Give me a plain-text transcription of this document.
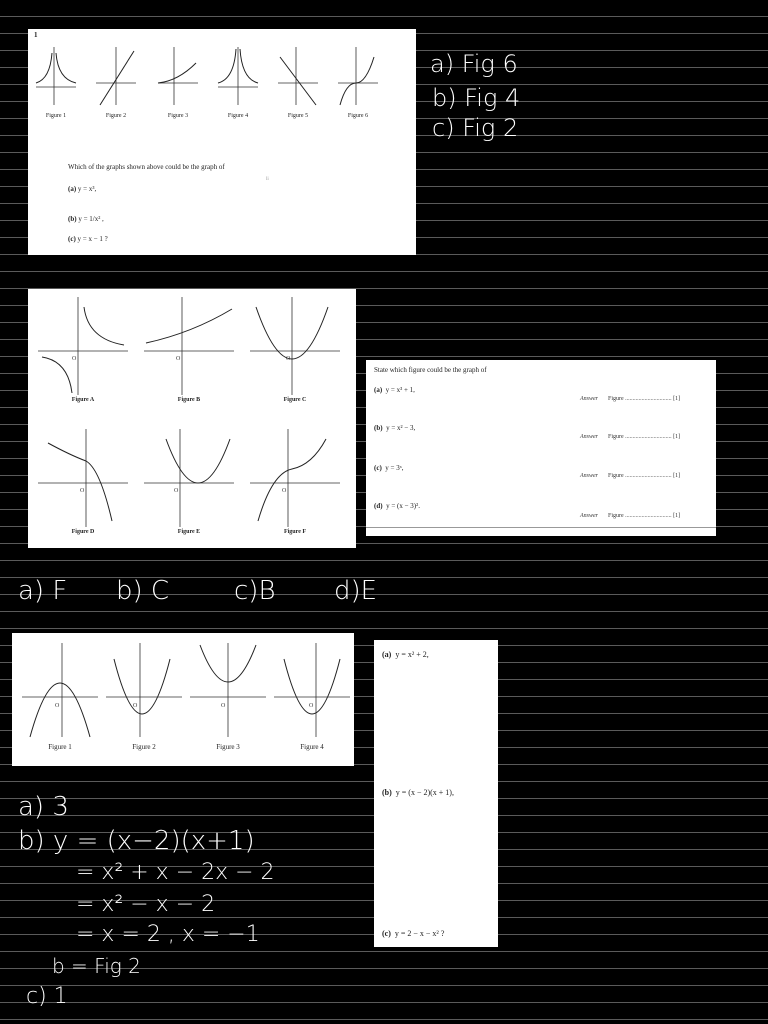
1
Figure 1	Figure 2	Figure 3	Figure 4	Figure 5	Figure 6
Which of the graphs shown above could be the graph of
li
(a) y = x³,
(b) y = 1/x² ,
(c) y = x − 1 ?
a) Fig 6
b) Fig 4
c) Fig 2
O
Figure A
O
Figure B
O
Figure C
O
Figure D
O
Figure E
O
Figure F
State which figure could be the graph of
(a) y = x³ + 1,
Answer Figure ............................... [1]
(b) y = x² − 3,
Answer Figure ............................... [1]
(c) y = 3ˣ,
Answer Figure ............................... [1]
(d) y = (x − 3)².
Answer Figure ............................... [1]
a) F b) C c)B d)E
O
Figure 1
O
Figure 2
O
Figure 3
O
Figure 4
(a) y = x² + 2,
(b) y = (x − 2)(x + 1),
(c) y = 2 − x − x² ?
a) 3
b) y = (x−2)(x+1)
= x² + x − 2x − 2
= x² − x − 2
= x = 2 , x = −1
b = Fig 2
c) 1
